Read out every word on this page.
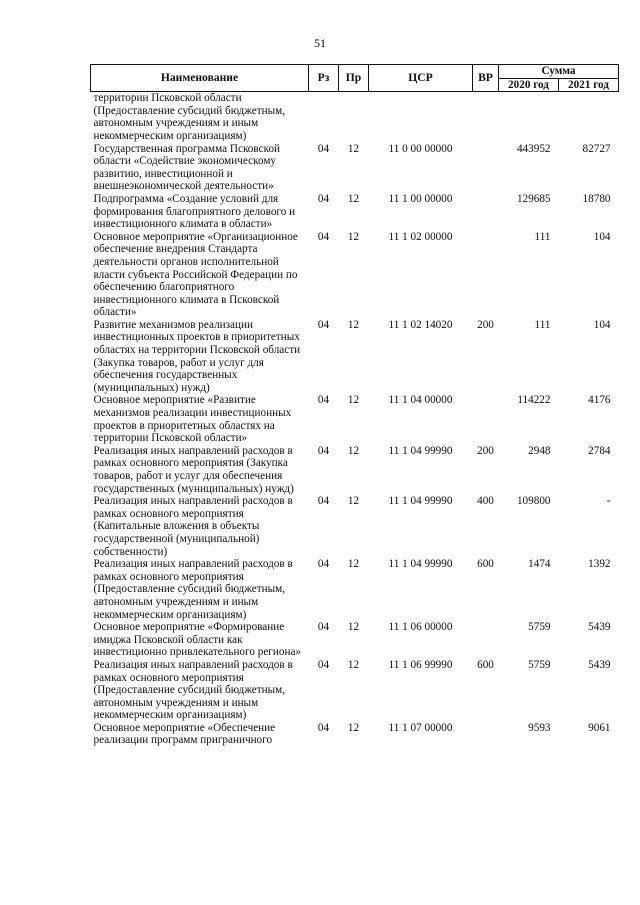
51
Наименование	Рз	Пр	ЦСР	ВР	Сумма	
					2020 год	2021 год
территории Псковской области (Предоставление субсидий бюджетным, автономным учреждениям и иным некоммерческим организациям)						
Государственная программа Псковской области «Содействие экономическому развитию, инвестиционной и внешнеэкономической деятельности»	04	12	11 0 00 00000		443952	82727
Подпрограмма «Создание условий для формирования благоприятного делового и инвестиционного климата в области»	04	12	11 1 00 00000		129685	18780
Основное мероприятие «Организационное обеспечение внедрения Стандарта деятельности органов исполнительной власти субъекта Российской Федерации по обеспечению благоприятного инвестиционного климата в Псковской области»	04	12	11 1 02 00000		111	104
Развитие механизмов реализации инвестиционных проектов в приоритетных областях на территории Псковской области (Закупка товаров, работ и услуг для обеспечения государственных (муниципальных) нужд)	04	12	11 1 02 14020	200	111	104
Основное мероприятие «Развитие механизмов реализации инвестиционных проектов в приоритетных областях на территории Псковской области»	04	12	11 1 04 00000		114222	4176
Реализация иных направлений расходов в рамках основного мероприятия (Закупка товаров, работ и услуг для обеспечения государственных (муниципальных) нужд)	04	12	11 1 04 99990	200	2948	2784
Реализация иных направлений расходов в рамках основного мероприятия (Капитальные вложения в объекты государственной (муниципальной) собственности)	04	12	11 1 04 99990	400	109800	-
Реализация иных направлений расходов в рамках основного мероприятия (Предоставление субсидий бюджетным, автономным учреждениям и иным некоммерческим организациям)	04	12	11 1 04 99990	600	1474	1392
Основное мероприятие «Формирование имиджа Псковской области как инвестиционно привлекательного региона»	04	12	11 1 06 00000		5759	5439
Реализация иных направлений расходов в рамках основного мероприятия (Предоставление субсидий бюджетным, автономным учреждениям и иным некоммерческим организациям)	04	12	11 1 06 99990	600	5759	5439
Основное мероприятие «Обеспечение реализации программ приграничного	04	12	11 1 07 00000		9593	9061
